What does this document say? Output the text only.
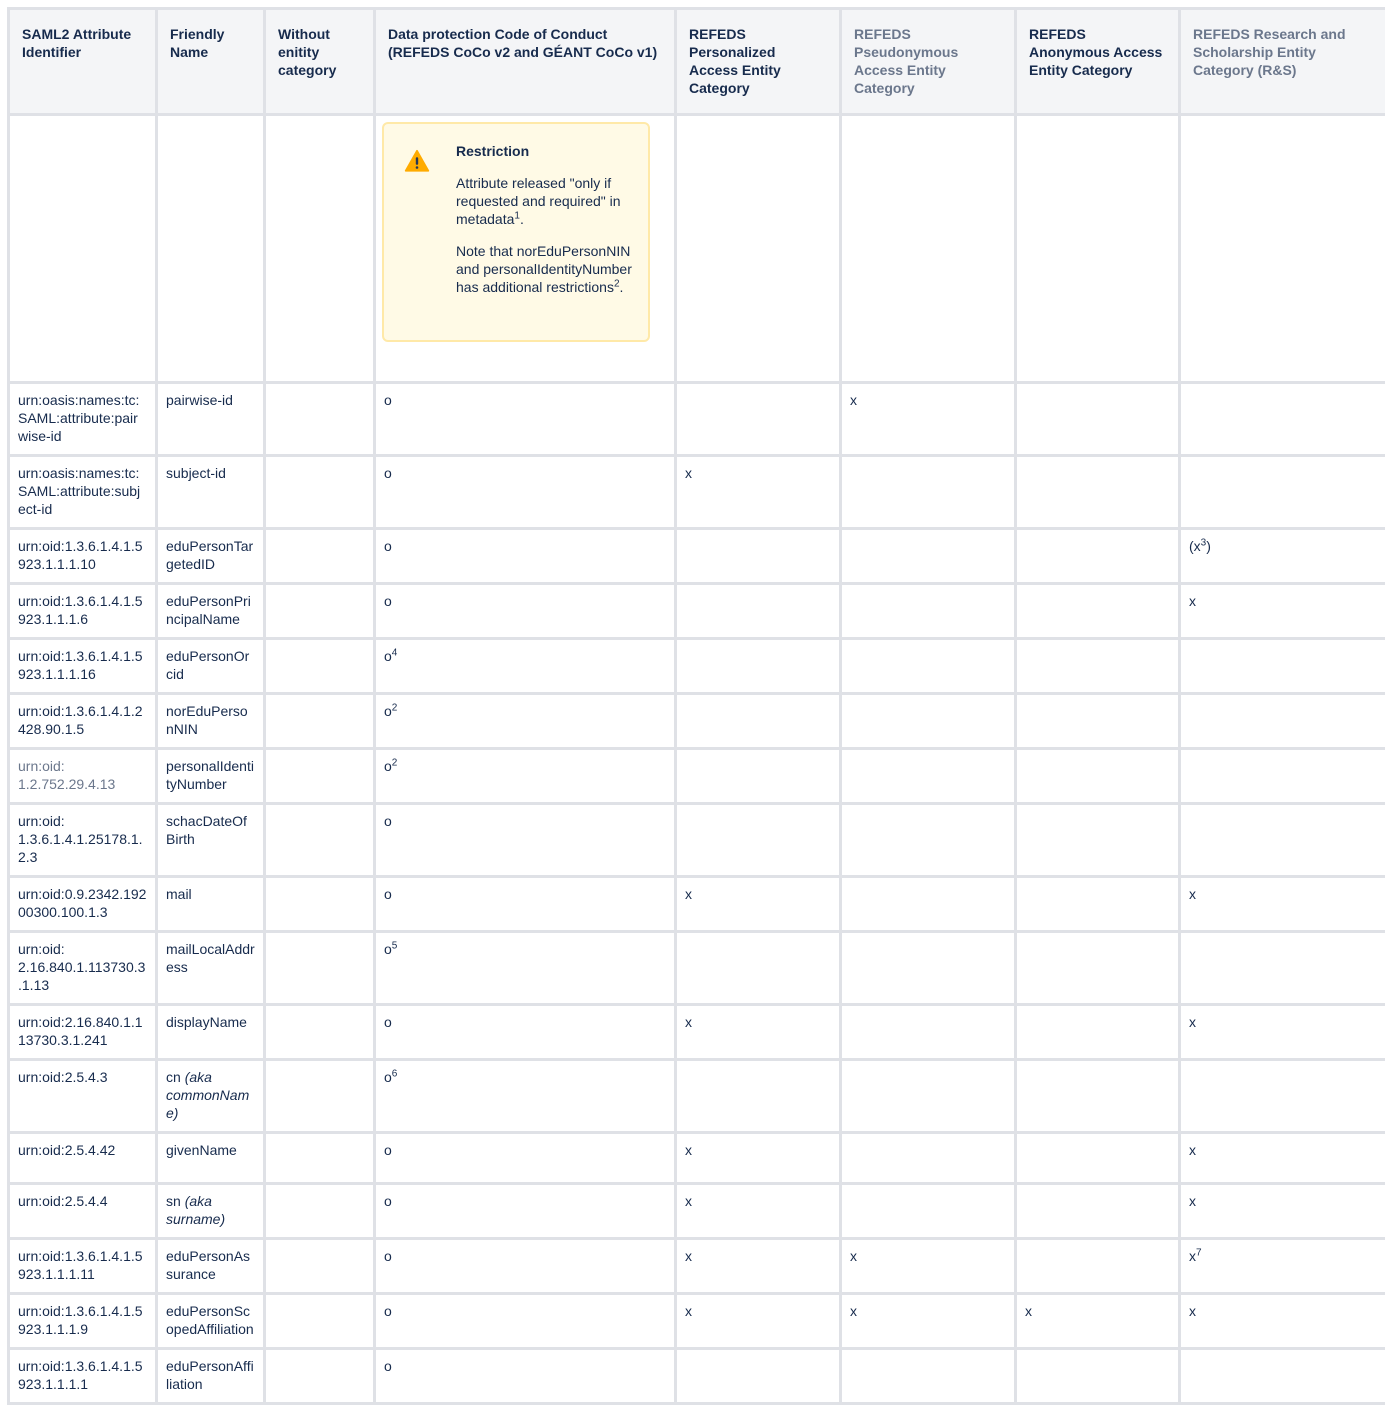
SAML2 Attribute Identifier	Friendly Name	Without enitity category	Data protection Code of Conduct (REFEDS CoCo v2 and GÉANT CoCo v1)	REFEDS Personalized Access Entity Category	REFEDS Pseudonymous Access Entity Category	REFEDS Anonymous Access Entity Category	REFEDS Research and Scholarship Entity Category (R&S)

			Restriction

Attribute released "only if requested and required" in metadata$^1$.

Note that norEduPersonNIN and personalIdentityNumber has additional restrictions$^2$.				

urn:oasis:names:tc:SAML:attribute:pairwise-id	pairwise-id		o		x		
urn:oasis:names:tc:SAML:attribute:subject-id	subject-id		o	x			
urn:oid:1.3.6.1.4.1.5923.1.1.1.10	eduPersonTargetedID		o				$(x^3)$
urn:oid:1.3.6.1.4.1.5923.1.1.1.6	eduPersonPrincipalName		o				x
urn:oid:1.3.6.1.4.1.5923.1.1.1.16	eduPersonOrcid		$o^4$				
urn:oid:1.3.6.1.4.1.2428.90.1.5	norEduPersonNIN		$o^2$				
urn:oid: 1.2.752.29.4.13	personalIdentityNumber		$o^2$				
urn:oid: 1.3.6.1.4.1.25178.1.2.3	schacDateOfBirth		o				
urn:oid:0.9.2342.19200300.100.1.3	mail		o	x			x
urn:oid: 2.16.840.1.113730.3.1.13	mailLocalAddress		$o^5$				
urn:oid:2.16.840.1.113730.3.1.241	displayName		o	x			x
urn:oid:2.5.4.3	cn (aka commonName)		$o^6$				
urn:oid:2.5.4.42	givenName		o	x			x
urn:oid:2.5.4.4	sn (aka surname)		o	x			x
urn:oid:1.3.6.1.4.1.5923.1.1.1.11	eduPersonAssurance		o	x	x		$x^7$
urn:oid:1.3.6.1.4.1.5923.1.1.1.9	eduPersonScopedAffiliation		o	x	x	x	x
urn:oid:1.3.6.1.4.1.5923.1.1.1.1	eduPersonAffiliation		o				
